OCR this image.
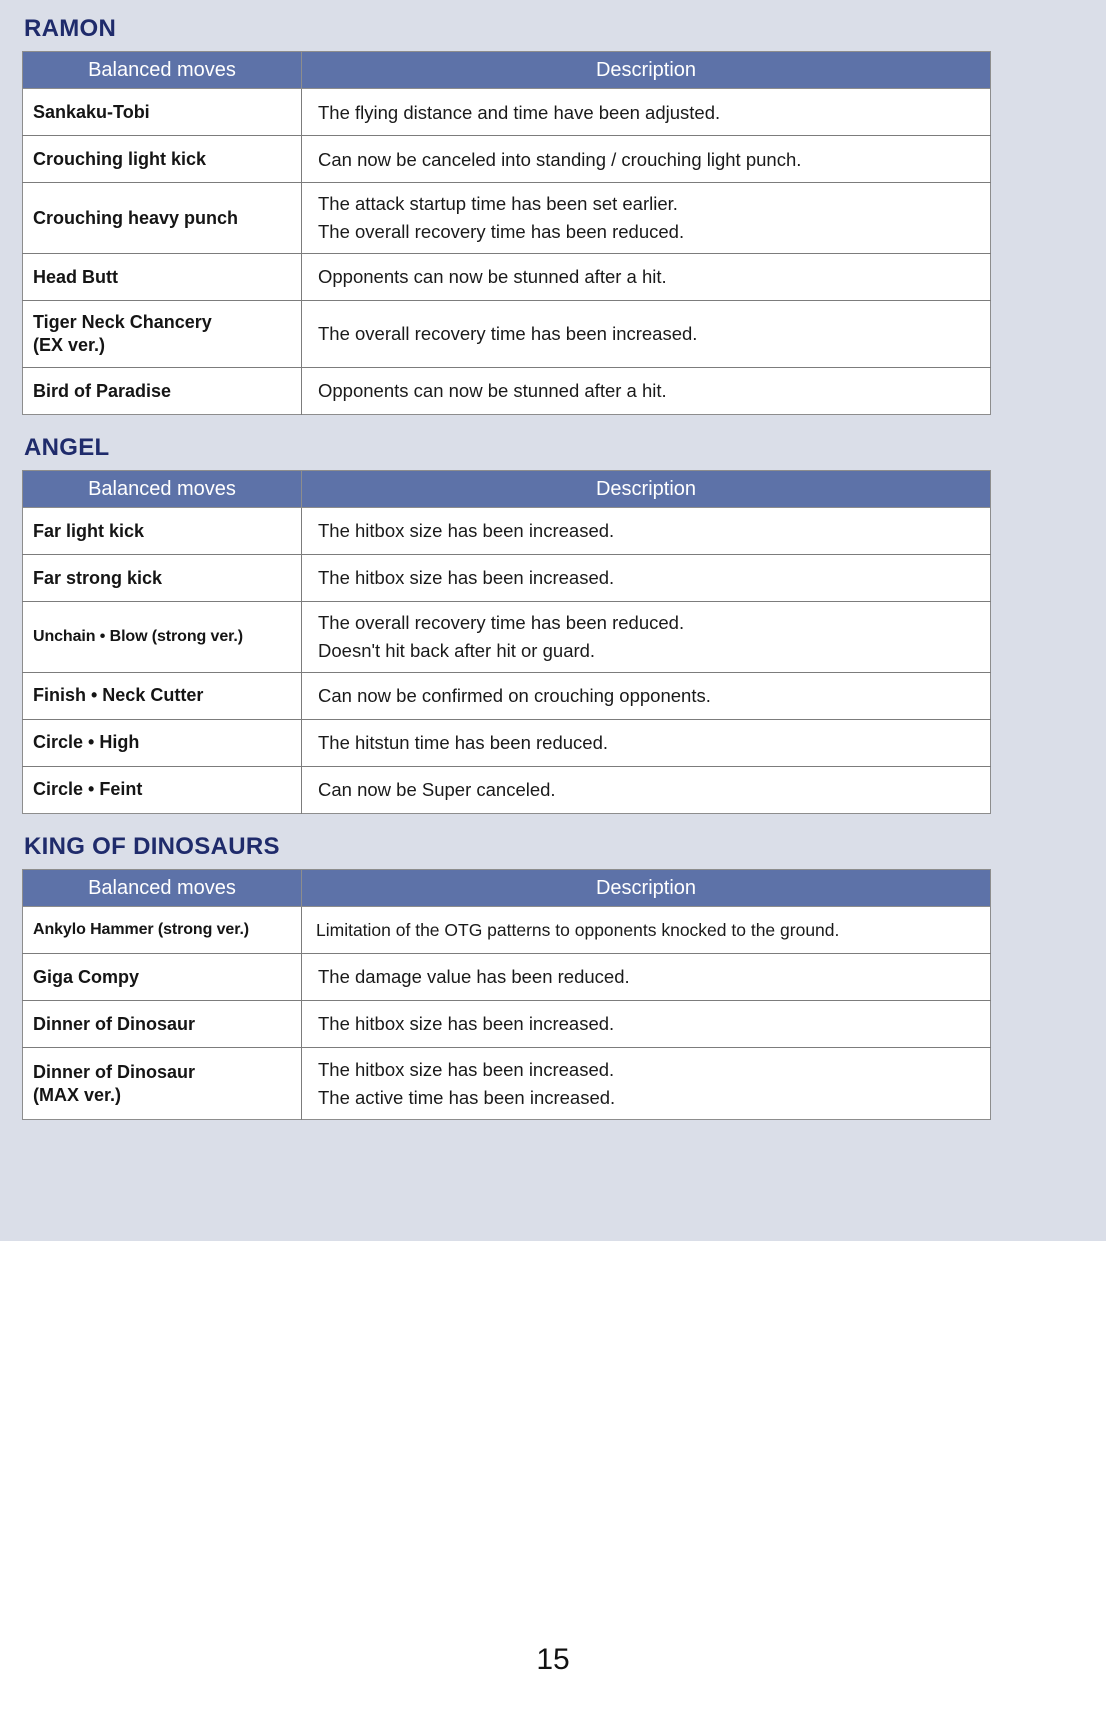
RAMON
Balanced moves	Description
Sankaku-Tobi	The flying distance and time have been adjusted.

Crouching light kick	Can now be canceled into standing / crouching light punch.

Crouching heavy punch	The attack startup time has been set earlier.
The overall recovery time has been reduced.

Head Butt	Opponents can now be stunned after a hit.

Tiger Neck Chancery
(EX ver.)	The overall recovery time has been increased.

Bird of Paradise	Opponents can now be stunned after a hit.
ANGEL
Balanced moves	Description
Far light kick	The hitbox size has been increased.

Far strong kick	The hitbox size has been increased.

Unchain • Blow (strong ver.)	The overall recovery time has been reduced.
Doesn't hit back after hit or guard.

Finish • Neck Cutter	Can now be confirmed on crouching opponents.

Circle • High	The hitstun time has been reduced.

Circle • Feint	Can now be Super canceled.
KING OF DINOSAURS
Balanced moves	Description
Ankylo Hammer (strong ver.)	Limitation of the OTG patterns to opponents knocked to the ground.

Giga Compy	The damage value has been reduced.

Dinner of Dinosaur	The hitbox size has been increased.

Dinner of Dinosaur
(MAX ver.)	The hitbox size has been increased.
The active time has been increased.
15
